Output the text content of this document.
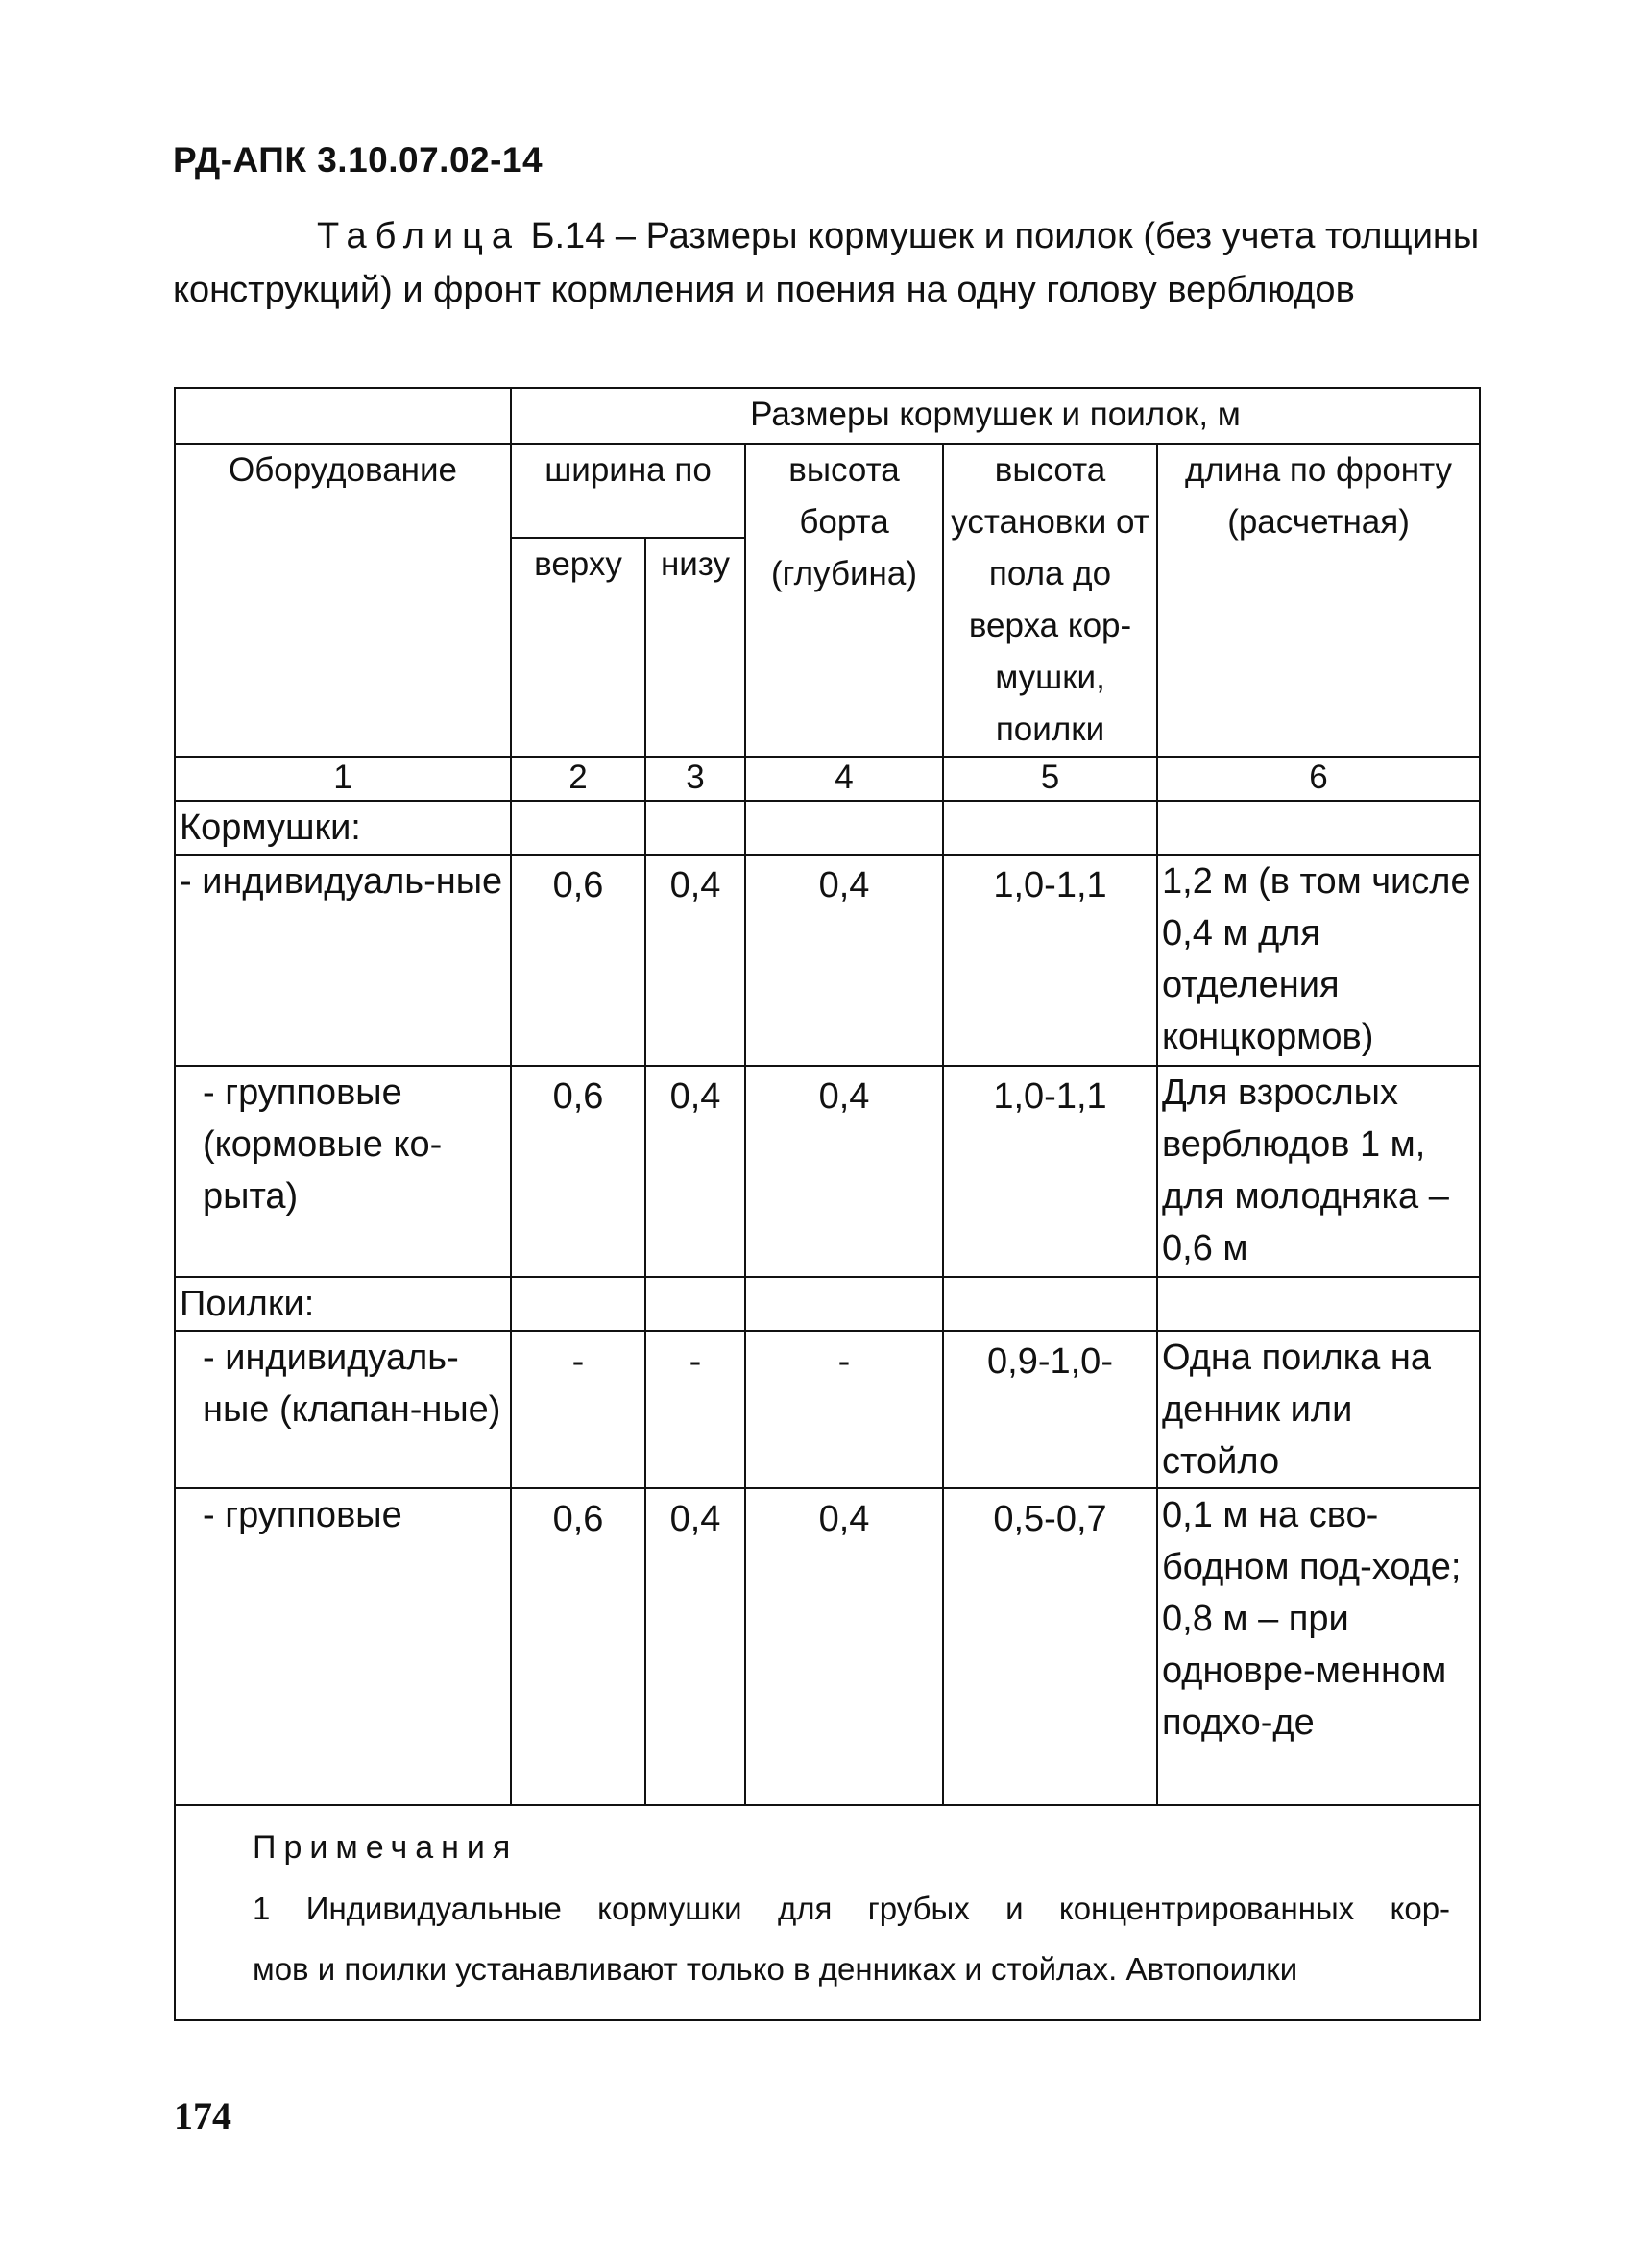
РД-АПК 3.10.07.02-14
Таблица Б.14 – Размеры кормушек и поилок (без учета толщины конструкций) и фронт кормления и поения на одну голову верблюдов
	Размеры кормушек и поилок, м				
Оборудование	ширина по		высота борта (глубина)	высота установки от пола до верха кор-мушки, поилки	длина по фронту (расчетная)
	верху	низу			
1	2	3	4	5	6
Кормушки:					
- индивидуаль-ные	0,6	0,4	0,4	1,0-1,1	1,2 м (в том числе 0,4 м для отделения концкормов)
- групповые (кормовые ко-рыта)	0,6	0,4	0,4	1,0-1,1	Для взрослых верблюдов 1 м, для молодняка – 0,6 м
Поилки:					
- индивидуаль-ные (клапан-ные)	-	-	-	0,9-1,0-	Одна поилка на денник или стойло
- групповые	0,6	0,4	0,4	0,5-0,7	0,1 м на сво-бодном под-ходе; 0,8 м – при одновре-менном подхо-де

Примечания
1 Индивидуальные кормушки для грубых и концентрированных кор-
мов и поилки устанавливают только в денниках и стойлах. Автопоилки					
174
